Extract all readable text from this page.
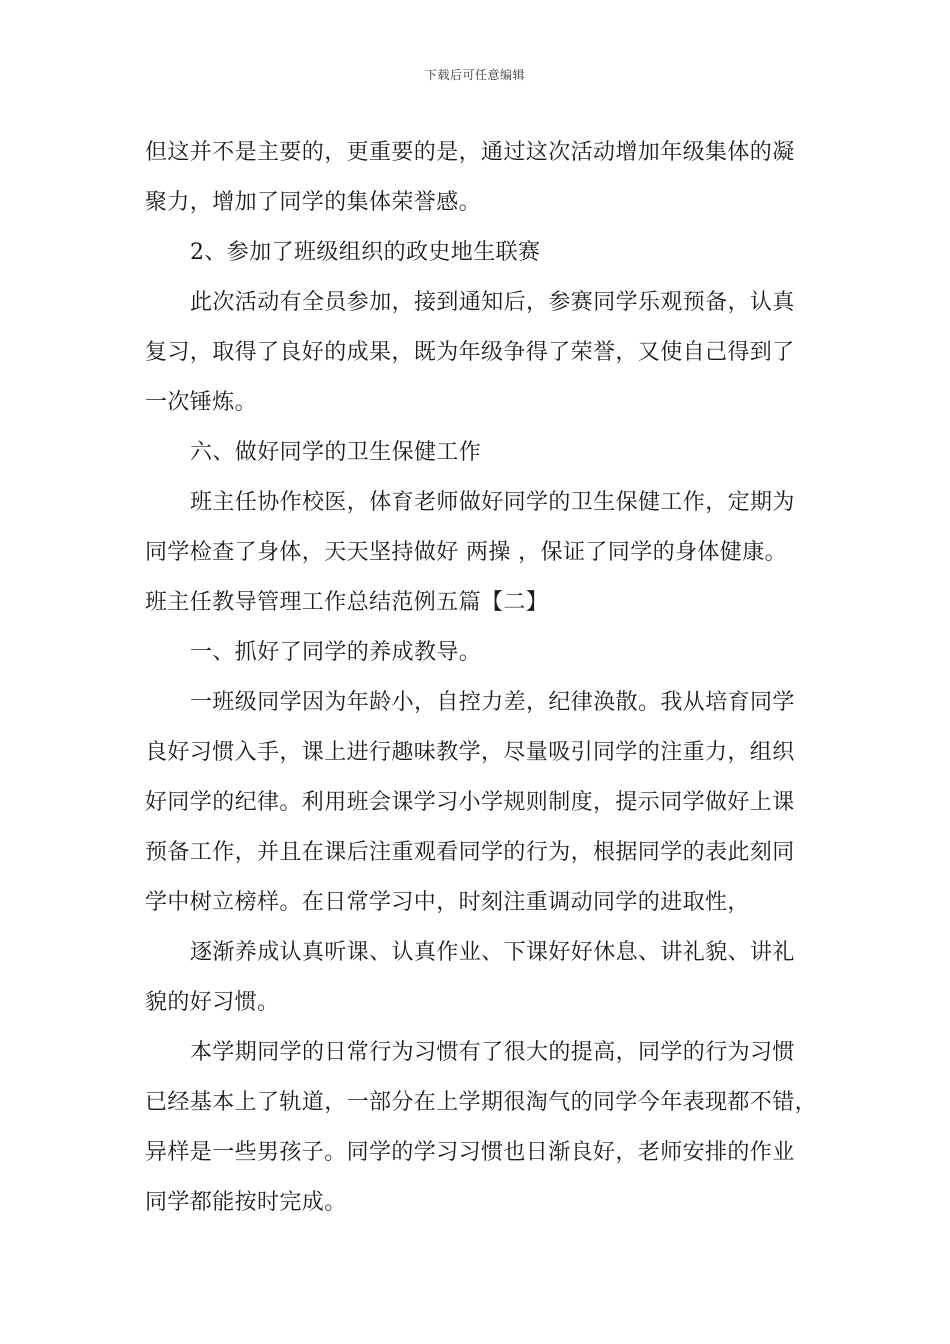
下载后可任意编辑
但这并不是主要的，更重要的是，通过这次活动增加年级集体的凝
聚力，增加了同学的集体荣誉感。
2、参加了班级组织的政史地生联赛
此次活动有全员参加，接到通知后，参赛同学乐观预备，认真
复习，取得了良好的成果，既为年级争得了荣誉，又使自己得到了
一次锤炼。
六、做好同学的卫生保健工作
班主任协作校医，体育老师做好同学的卫生保健工作，定期为
同学检查了身体，天天坚持做好 两操 ，保证了同学的身体健康。
班主任教导管理工作总结范例五篇【二】
一、抓好了同学的养成教导。
一班级同学因为年龄小，自控力差，纪律涣散。我从培育同学
良好习惯入手，课上进行趣味教学，尽量吸引同学的注重力，组织
好同学的纪律。利用班会课学习小学规则制度，提示同学做好上课
预备工作，并且在课后注重观看同学的行为，根据同学的表此刻同
学中树立榜样。在日常学习中，时刻注重调动同学的进取性，
逐渐养成认真听课、认真作业、下课好好休息、讲礼貌、讲礼
貌的好习惯。
本学期同学的日常行为习惯有了很大的提高，同学的行为习惯
已经基本上了轨道，一部分在上学期很淘气的同学今年表现都不错，
异样是一些男孩子。同学的学习习惯也日渐良好，老师安排的作业
同学都能按时完成。
